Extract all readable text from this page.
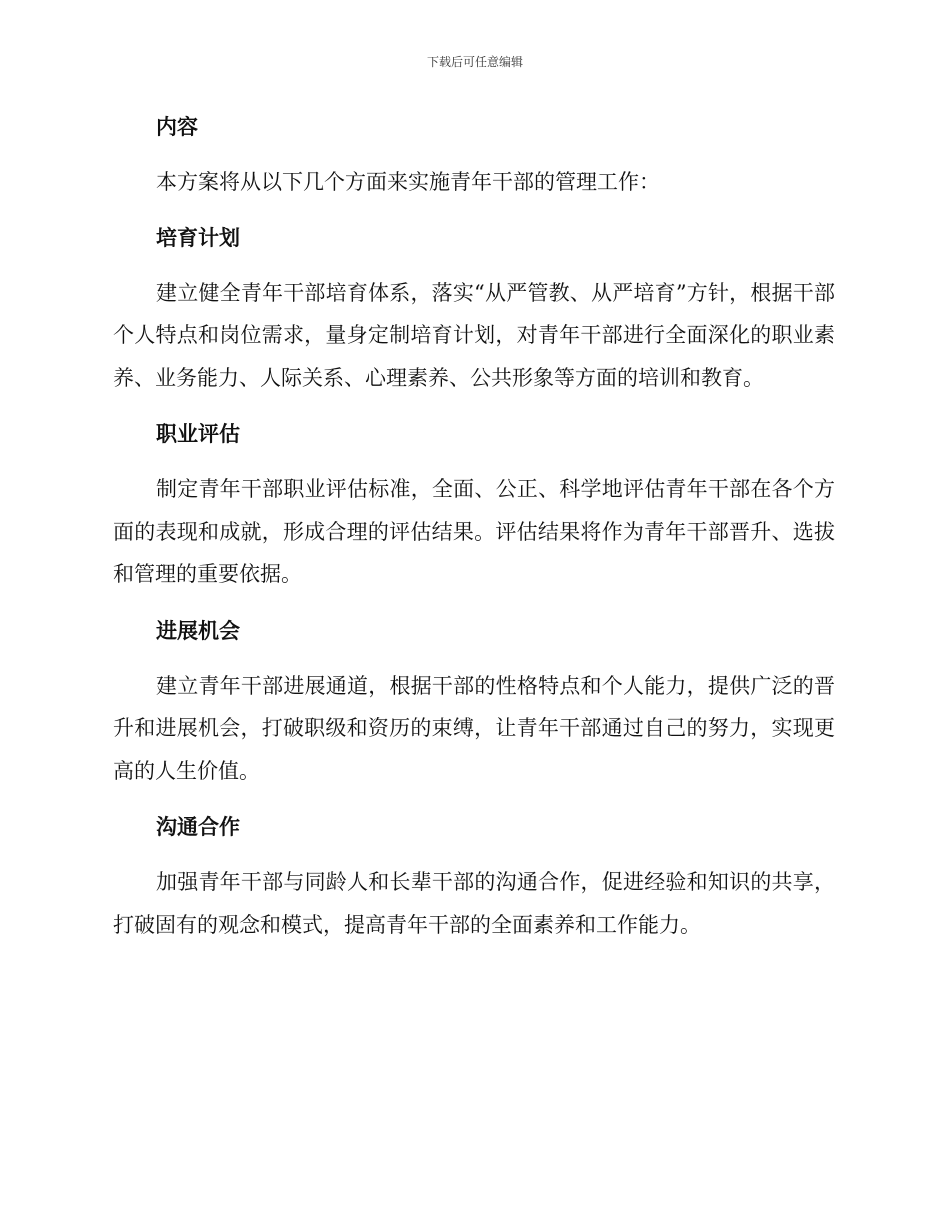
下载后可任意编辑
内容

本方案将从以下几个方面来实施青年干部的管理工作：

培育计划

建立健全青年干部培育体系，落实“从严管教、从严培育”方针，根据干部个人特点和岗位需求，量身定制培育计划，对青年干部进行全面深化的职业素养、业务能力、人际关系、心理素养、公共形象等方面的培训和教育。

职业评估

制定青年干部职业评估标准，全面、公正、科学地评估青年干部在各个方面的表现和成就，形成合理的评估结果。评估结果将作为青年干部晋升、选拔和管理的重要依据。

进展机会

建立青年干部进展通道，根据干部的性格特点和个人能力，提供广泛的晋升和进展机会，打破职级和资历的束缚，让青年干部通过自己的努力，实现更高的人生价值。

沟通合作

加强青年干部与同龄人和长辈干部的沟通合作，促进经验和知识的共享，打破固有的观念和模式，提高青年干部的全面素养和工作能力。
